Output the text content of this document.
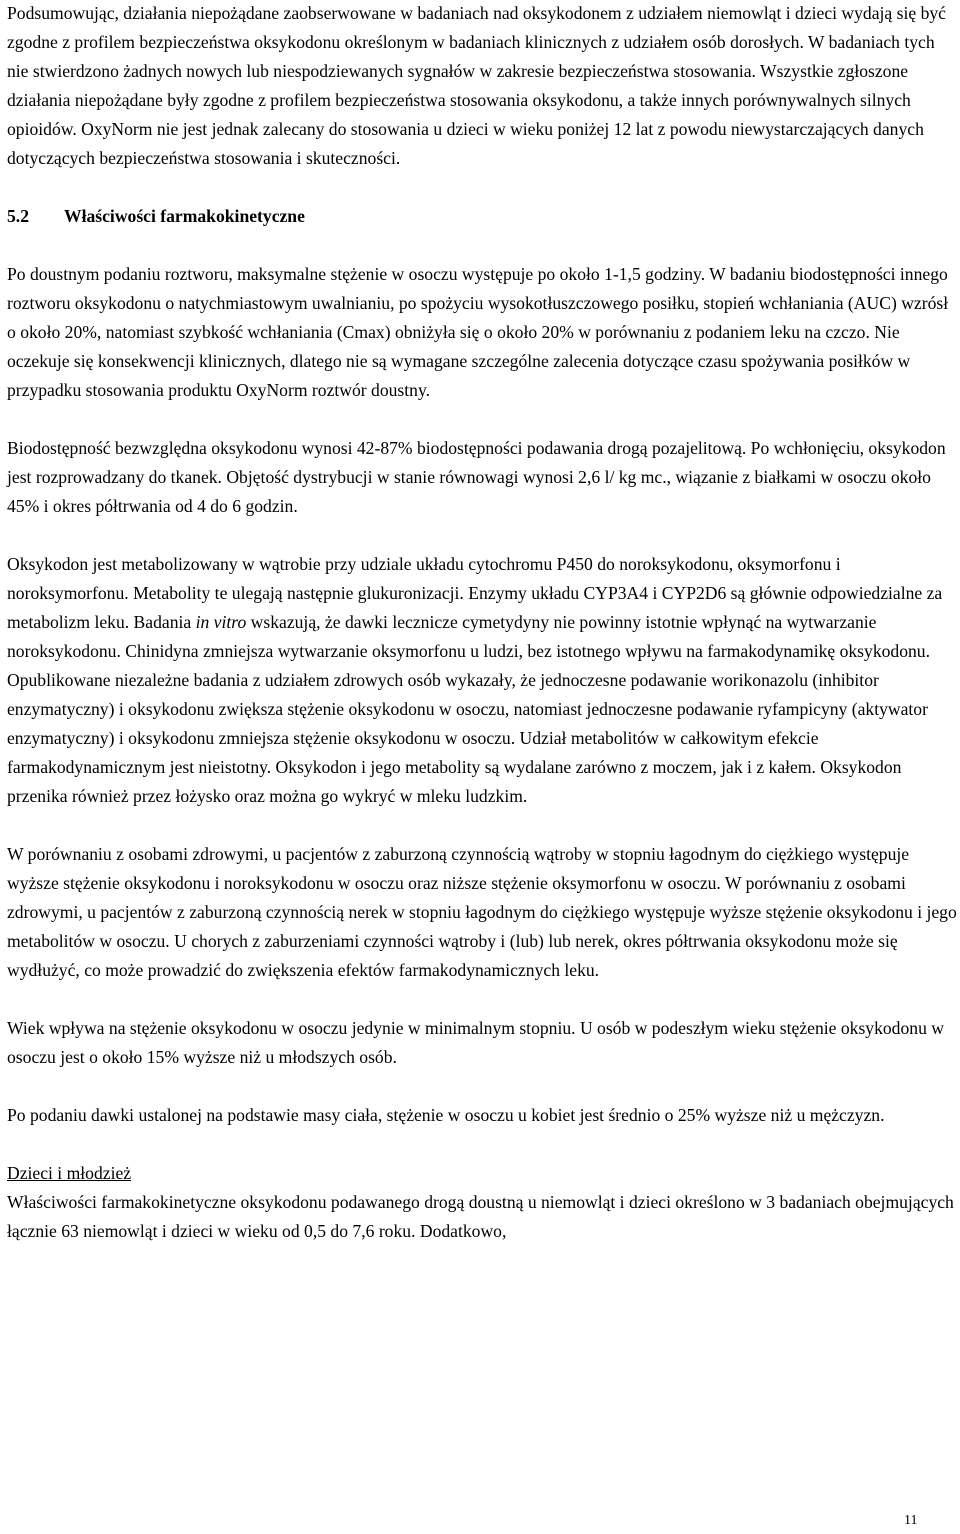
Podsumowując, działania niepożądane zaobserwowane w badaniach nad oksykodonem z udziałem niemowląt i dzieci wydają się być zgodne z profilem bezpieczeństwa oksykodonu określonym w badaniach klinicznych z udziałem osób dorosłych. W badaniach tych nie stwierdzono żadnych nowych lub niespodziewanych sygnałów w zakresie bezpieczeństwa stosowania. Wszystkie zgłoszone działania niepożądane były zgodne z profilem bezpieczeństwa stosowania oksykodonu, a także innych porównywalnych silnych opioidów. OxyNorm nie jest jednak zalecany do stosowania u dzieci w wieku poniżej 12 lat z powodu niewystarczających danych dotyczących bezpieczeństwa stosowania i skuteczności.

5.2 Właściwości farmakokinetyczne

Po doustnym podaniu roztworu, maksymalne stężenie w osoczu występuje po około 1-1,5 godziny. W badaniu biodostępności innego roztworu oksykodonu o natychmiastowym uwalnianiu, po spożyciu wysokotłuszczowego posiłku, stopień wchłaniania (AUC) wzrósł o około 20%, natomiast szybkość wchłaniania (Cmax) obniżyła się o około 20% w porównaniu z podaniem leku na czczo. Nie oczekuje się konsekwencji klinicznych, dlatego nie są wymagane szczególne zalecenia dotyczące czasu spożywania posiłków w przypadku stosowania produktu OxyNorm roztwór doustny.

Biodostępność bezwzględna oksykodonu wynosi 42-87% biodostępności podawania drogą pozajelitową. Po wchłonięciu, oksykodon jest rozprowadzany do tkanek. Objętość dystrybucji w stanie równowagi wynosi 2,6 l/ kg mc., wiązanie z białkami w osoczu około 45% i okres półtrwania od 4 do 6 godzin.

Oksykodon jest metabolizowany w wątrobie przy udziale układu cytochromu P450 do noroksykodonu, oksymorfonu i noroksymorfonu. Metabolity te ulegają następnie glukuronizacji. Enzymy układu CYP3A4 i CYP2D6 są głównie odpowiedzialne za metabolizm leku. Badania in vitro wskazują, że dawki lecznicze cymetydyny nie powinny istotnie wpłynąć na wytwarzanie noroksykodonu. Chinidyna zmniejsza wytwarzanie oksymorfonu u ludzi, bez istotnego wpływu na farmakodynamikę oksykodonu. Opublikowane niezależne badania z udziałem zdrowych osób wykazały, że jednoczesne podawanie worikonazolu (inhibitor enzymatyczny) i oksykodonu zwiększa stężenie oksykodonu w osoczu, natomiast jednoczesne podawanie ryfampicyny (aktywator enzymatyczny) i oksykodonu zmniejsza stężenie oksykodonu w osoczu. Udział metabolitów w całkowitym efekcie farmakodynamicznym jest nieistotny. Oksykodon i jego metabolity są wydalane zarówno z moczem, jak i z kałem. Oksykodon przenika również przez łożysko oraz można go wykryć w mleku ludzkim.

W porównaniu z osobami zdrowymi, u pacjentów z zaburzoną czynnością wątroby w stopniu łagodnym do ciężkiego występuje wyższe stężenie oksykodonu i noroksykodonu w osoczu oraz niższe stężenie oksymorfonu w osoczu. W porównaniu z osobami zdrowymi, u pacjentów z zaburzoną czynnością nerek w stopniu łagodnym do ciężkiego występuje wyższe stężenie oksykodonu i jego metabolitów w osoczu. U chorych z zaburzeniami czynności wątroby i (lub) lub nerek, okres półtrwania oksykodonu może się wydłużyć, co może prowadzić do zwiększenia efektów farmakodynamicznych leku.

Wiek wpływa na stężenie oksykodonu w osoczu jedynie w minimalnym stopniu. U osób w podeszłym wieku stężenie oksykodonu w osoczu jest o około 15% wyższe niż u młodszych osób.

Po podaniu dawki ustalonej na podstawie masy ciała, stężenie w osoczu u kobiet jest średnio o 25% wyższe niż u mężczyzn.

Dzieci i młodzież

Właściwości farmakokinetyczne oksykodonu podawanego drogą doustną u niemowląt i dzieci określono w 3 badaniach obejmujących łącznie 63 niemowląt i dzieci w wieku od 0,5 do 7,6 roku. Dodatkowo,

11
